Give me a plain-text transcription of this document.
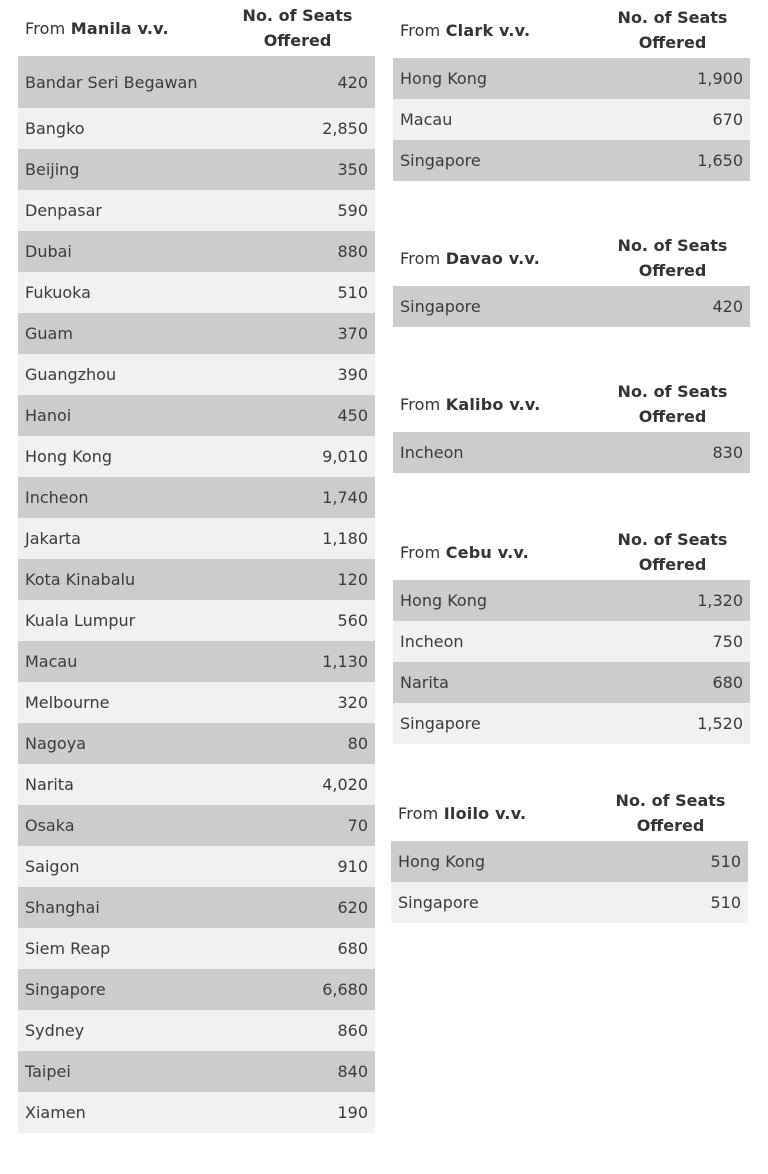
From Manila v.v.	No. of Seats Offered
Bandar Seri Begawan	420
Bangko	2,850
Beijing	350
Denpasar	590
Dubai	880
Fukuoka	510
Guam	370
Guangzhou	390
Hanoi	450
Hong Kong	9,010
Incheon	1,740
Jakarta	1,180
Kota Kinabalu	120
Kuala Lumpur	560
Macau	1,130
Melbourne	320
Nagoya	80
Narita	4,020
Osaka	70
Saigon	910
Shanghai	620
Siem Reap	680
Singapore	6,680
Sydney	860
Taipei	840
Xiamen	190
From Clark v.v.	No. of Seats Offered
Hong Kong	1,900
Macau	670
Singapore	1,650
From Davao v.v.	No. of Seats Offered
Singapore	420
From Kalibo v.v.	No. of Seats Offered
Incheon	830
From Cebu v.v.	No. of Seats Offered
Hong Kong	1,320
Incheon	750
Narita	680
Singapore	1,520
From Iloilo v.v.	No. of Seats Offered
Hong Kong	510
Singapore	510
